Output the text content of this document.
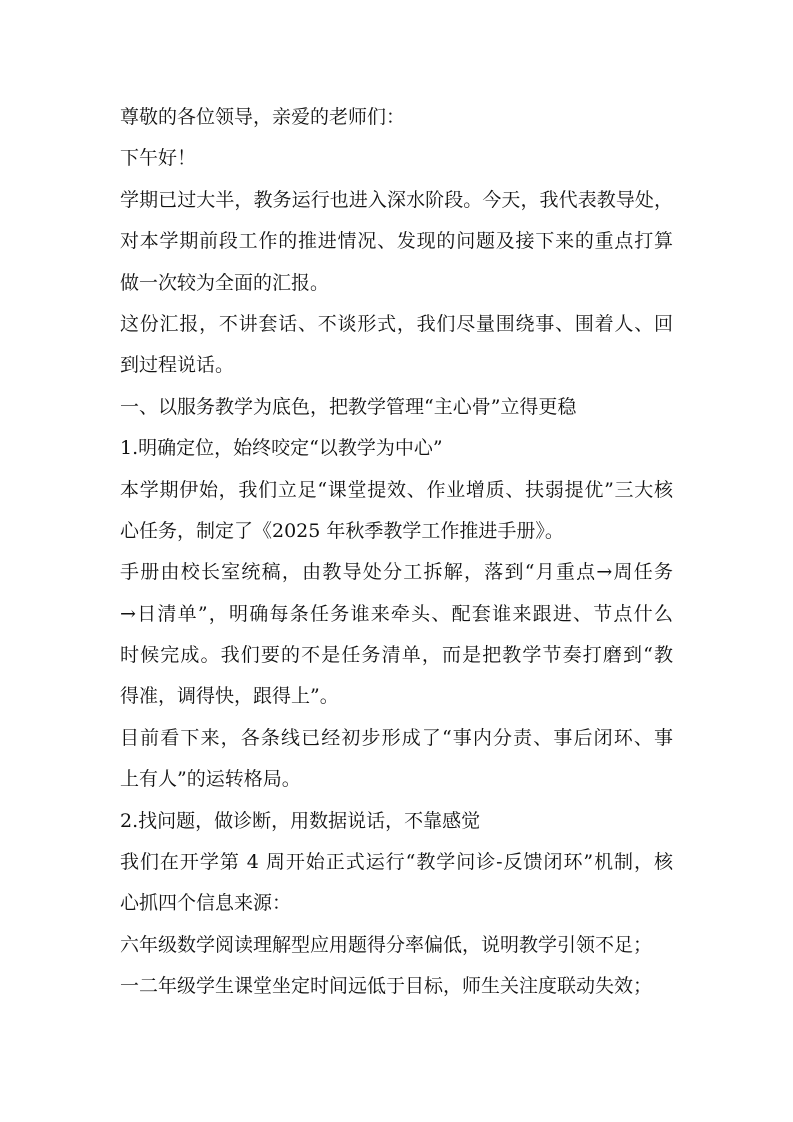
尊敬的各位领导，亲爱的老师们：
下午好！
学期已过大半，教务运行也进入深水阶段。今天，我代表教导处，
对本学期前段工作的推进情况、发现的问题及接下来的重点打算
做一次较为全面的汇报。
这份汇报，不讲套话、不谈形式，我们尽量围绕事、围着人、回
到过程说话。
一、以服务教学为底色，把教学管理“主心骨”立得更稳
1.明确定位，始终咬定“以教学为中心”
本学期伊始，我们立足“课堂提效、作业增质、扶弱提优”三大核
心任务，制定了《2025 年秋季教学工作推进手册》。
手册由校长室统稿，由教导处分工拆解，落到“月重点→周任务
→日清单”，明确每条任务谁来牵头、配套谁来跟进、节点什么
时候完成。我们要的不是任务清单，而是把教学节奏打磨到“教
得准，调得快，跟得上”。
目前看下来，各条线已经初步形成了“事内分责、事后闭环、事
上有人”的运转格局。
2.找问题，做诊断，用数据说话，不靠感觉
我们在开学第 4 周开始正式运行“教学问诊-反馈闭环”机制，核
心抓四个信息来源：
六年级数学阅读理解型应用题得分率偏低，说明教学引领不足；
一二年级学生课堂坐定时间远低于目标，师生关注度联动失效；
